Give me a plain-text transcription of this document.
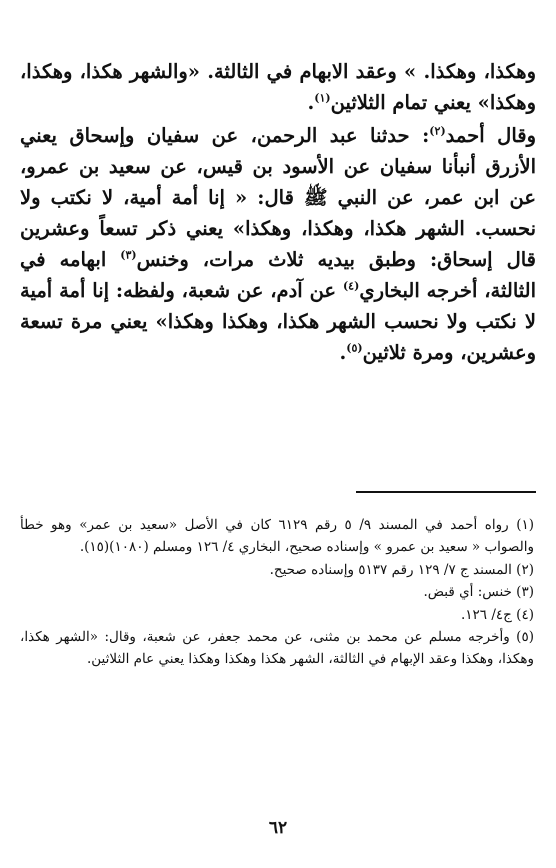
وهكذا، وهكذا. » وعقد الابهام في الثالثة. «والشهر هكذا، وهكذا، وهكذا» يعني تمام الثلاثين$^{(١)}$.

وقال أحمد$^{(٢)}$: حدثنا عبد الرحمن، عن سفيان وإسحاق يعني الأزرق أنبأنا سفيان عن الأسود بن قيس، عن سعيد بن عمرو، عن ابن عمر، عن النبي ﷺ قال: « إنا أمة أمية، لا نكتب ولا نحسب. الشهر هكذا، وهكذا، وهكذا» يعني ذكر تسعاً وعشرين قال إسحاق: وطبق بيديه ثلاث مرات، وخنس$^{(٣)}$ ابهامه في الثالثة، أخرجه البخاري$^{(٤)}$ عن آدم، عن شعبة، ولفظه: إنا أمة أمية لا نكتب ولا نحسب الشهر هكذا، وهكذا وهكذا» يعني مرة تسعة وعشرين، ومرة ثلاثين$^{(٥)}$.

(١) رواه أحمد في المسند ٩/ ٥ رقم ٦١٢٩ كان في الأصل «سعيد بن عمر» وهو خطأ والصواب « سعيد بن عمرو » وإسناده صحيح، البخاري ٤/ ١٢٦ ومسلم (١٠٨٠)(١٥).

(٢) المسند ج ٧/ ١٢٩ رقم ٥١٣٧ وإسناده صحيح.

(٣) خنس: أي قبض.

(٤) ج٤/ ١٢٦.

(٥) وأخرجه مسلم عن محمد بن مثنى، عن محمد جعفر، عن شعبة، وقال: «الشهر هكذا، وهكذا، وهكذا وعقد الإبهام في الثالثة، الشهر هكذا وهكذا وهكذا يعني عام الثلاثين.

٦٢
